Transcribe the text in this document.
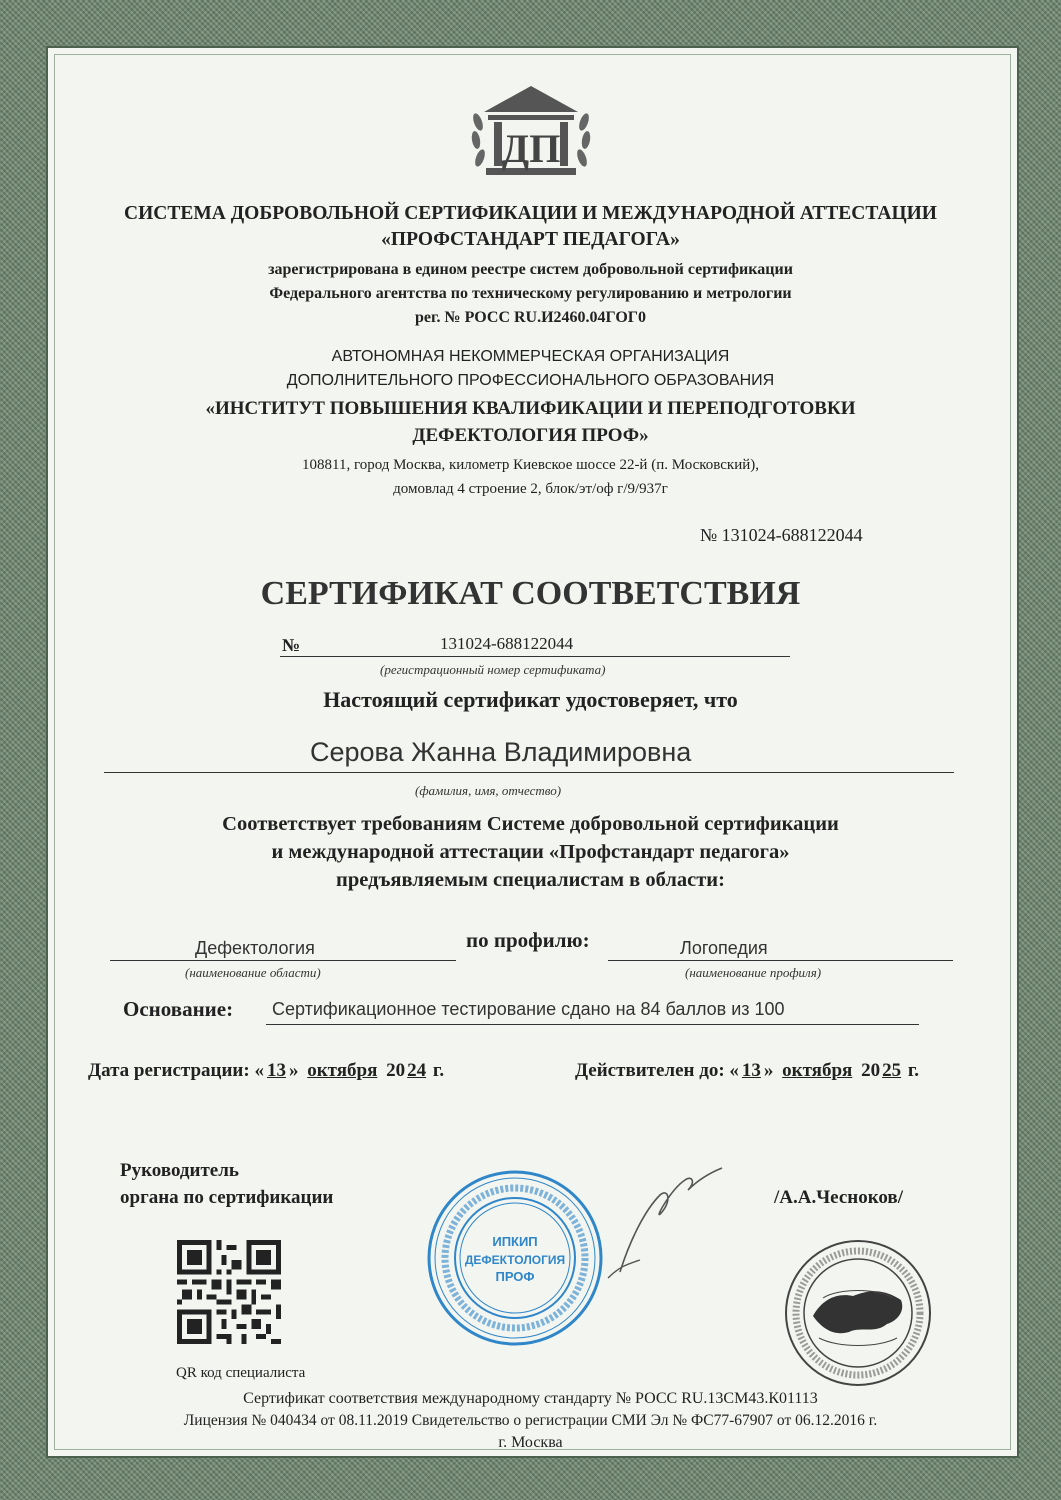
ДП
СИСТЕМА ДОБРОВОЛЬНОЙ СЕРТИФИКАЦИИ И МЕЖДУНАРОДНОЙ АТТЕСТАЦИИ
«ПРОФСТАНДАРТ ПЕДАГОГА»
зарегистрирована в едином реестре систем добровольной сертификации
Федерального агентства по техническому регулированию и метрологии
рег. № РОСС RU.И2460.04ГОГ0
АВТОНОМНАЯ НЕКОММЕРЧЕСКАЯ ОРГАНИЗАЦИЯ
ДОПОЛНИТЕЛЬНОГО ПРОФЕССИОНАЛЬНОГО ОБРАЗОВАНИЯ
«ИНСТИТУТ ПОВЫШЕНИЯ КВАЛИФИКАЦИИ И ПЕРЕПОДГОТОВКИ
ДЕФЕКТОЛОГИЯ ПРОФ»
108811, город Москва, километр Киевское шоссе 22-й (п. Московский),
домовлад 4 строение 2, блок/эт/оф г/9/937г
№ 131024-688122044
СЕРТИФИКАТ СООТВЕТСТВИЯ
№	131024-688122044
(регистрационный номер сертификата)
Настоящий сертификат удостоверяет, что
Серова Жанна Владимировна
(фамилия, имя, отчество)
Соответствует требованиям Системе добровольной сертификации
и международной аттестации «Профстандарт педагога»
предъявляемым специалистам в области:
Дефектология
(наименование области)
по профилю:	Логопедия
(наименование профиля)
Основание: Сертификационное тестирование сдано на 84 баллов из 100
Дата регистрации: « 13 » октября 20 24 г.	Действителен до: « 13 » октября 20 25 г.
Руководитель
органа по сертификации	/А.А.Чесноков/
ИПКИП
ДЕФЕКТОЛОГИЯ
ПРОФ
QR код специалиста
Сертификат соответствия международному стандарту № РОСС RU.13СМ43.К01113
Лицензия № 040434 от 08.11.2019 Свидетельство о регистрации СМИ Эл № ФС77-67907 от 06.12.2016 г.
г. Москва
